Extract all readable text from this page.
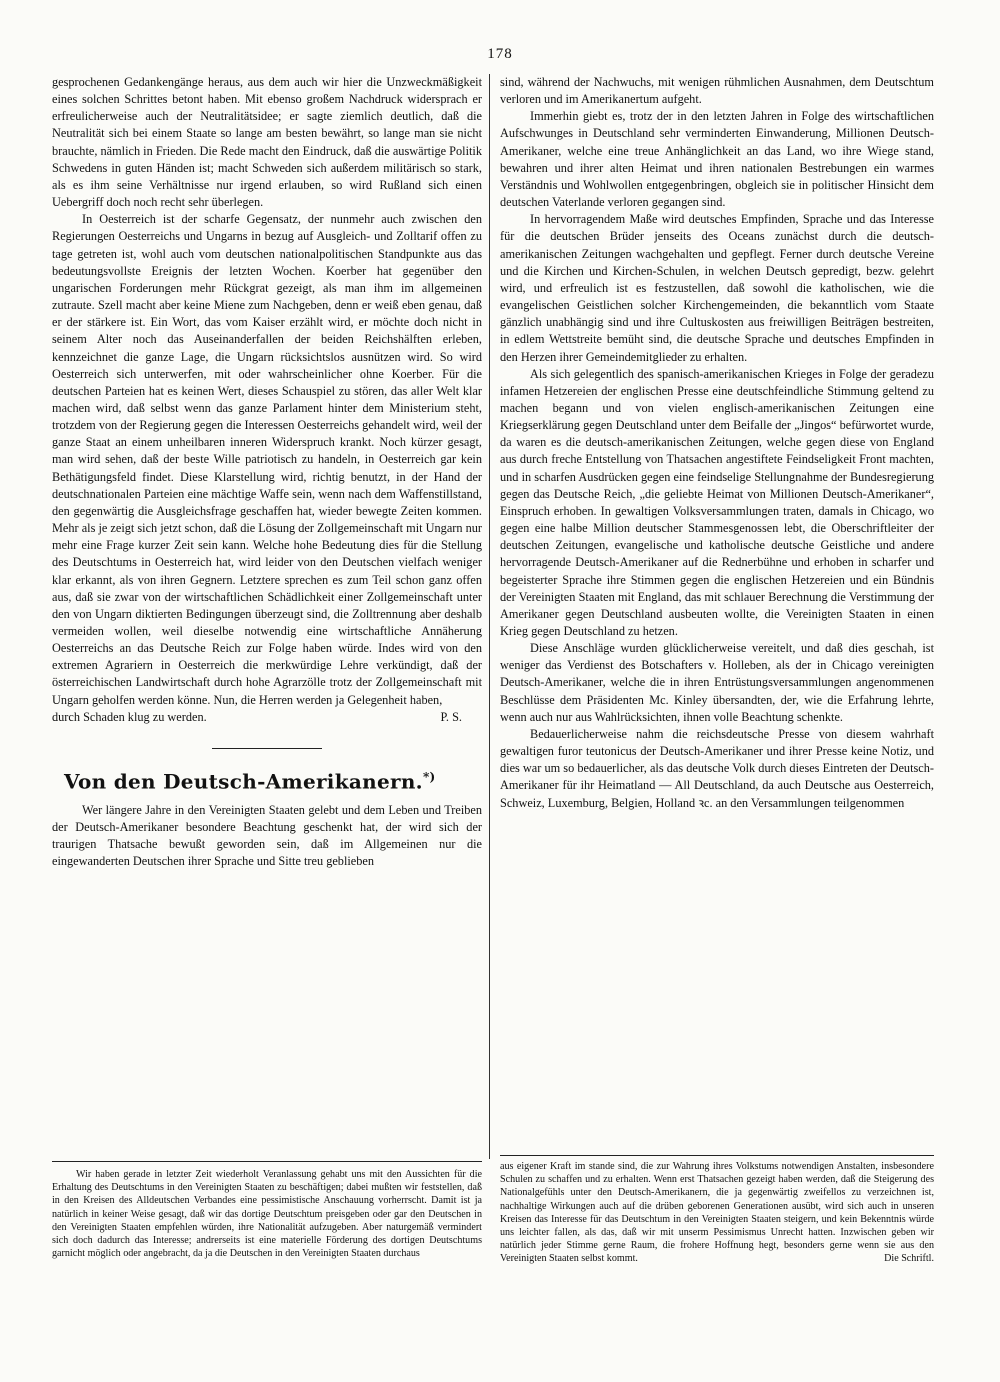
178

gesprochenen Gedankengänge heraus, aus dem auch wir hier die Unzweckmäßigkeit eines solchen Schrittes betont haben. Mit ebenso großem Nachdruck widersprach er erfreulicherweise auch der Neutralitätsidee; er sagte ziemlich deutlich, daß die Neutralität sich bei einem Staate so lange am besten bewährt, so lange man sie nicht brauchte, nämlich in Frieden. Die Rede macht den Eindruck, daß die auswärtige Politik Schwedens in guten Händen ist; macht Schweden sich außerdem militärisch so stark, als es ihm seine Verhältnisse nur irgend erlauben, so wird Rußland sich einen Uebergriff doch noch recht sehr überlegen.

In Oesterreich ist der scharfe Gegensatz, der nunmehr auch zwischen den Regierungen Oesterreichs und Ungarns in bezug auf Ausgleich- und Zolltarif offen zu tage getreten ist, wohl auch vom deutschen nationalpolitischen Standpunkte aus das bedeutungsvollste Ereignis der letzten Wochen. Koerber hat gegenüber den ungarischen Forderungen mehr Rückgrat gezeigt, als man ihm im allgemeinen zutraute. Szell macht aber keine Miene zum Nachgeben, denn er weiß eben genau, daß er der stärkere ist. Ein Wort, das vom Kaiser erzählt wird, er möchte doch nicht in seinem Alter noch das Auseinanderfallen der beiden Reichshälften erleben, kennzeichnet die ganze Lage, die Ungarn rücksichtslos ausnützen wird. So wird Oesterreich sich unterwerfen, mit oder wahrscheinlicher ohne Koerber. Für die deutschen Parteien hat es keinen Wert, dieses Schauspiel zu stören, das aller Welt klar machen wird, daß selbst wenn das ganze Parlament hinter dem Ministerium steht, trotzdem von der Regierung gegen die Interessen Oesterreichs gehandelt wird, weil der ganze Staat an einem unheilbaren inneren Widerspruch krankt. Noch kürzer gesagt, man wird sehen, daß der beste Wille patriotisch zu handeln, in Oesterreich gar kein Bethätigungsfeld findet. Diese Klarstellung wird, richtig benutzt, in der Hand der deutschnationalen Parteien eine mächtige Waffe sein, wenn nach dem Waffenstillstand, den gegenwärtig die Ausgleichsfrage geschaffen hat, wieder bewegte Zeiten kommen. Mehr als je zeigt sich jetzt schon, daß die Lösung der Zollgemeinschaft mit Ungarn nur mehr eine Frage kurzer Zeit sein kann. Welche hohe Bedeutung dies für die Stellung des Deutschtums in Oesterreich hat, wird leider von den Deutschen vielfach weniger klar erkannt, als von ihren Gegnern. Letztere sprechen es zum Teil schon ganz offen aus, daß sie zwar von der wirtschaftlichen Schädlichkeit einer Zollgemeinschaft unter den von Ungarn diktierten Bedingungen überzeugt sind, die Zolltrennung aber deshalb vermeiden wollen, weil dieselbe notwendig eine wirtschaftliche Annäherung Oesterreichs an das Deutsche Reich zur Folge haben würde. Indes wird von den extremen Agrariern in Oesterreich die merkwürdige Lehre verkündigt, daß der österreichischen Landwirtschaft durch hohe Agrarzölle trotz der Zollgemeinschaft mit Ungarn geholfen werden könne. Nun, die Herren werden ja Gelegenheit haben,

durch Schaden klug zu werden.	P. S.
Von den Deutsch-Amerikanern.*)

Wer längere Jahre in den Vereinigten Staaten gelebt und dem Leben und Treiben der Deutsch-Amerikaner besondere Beachtung geschenkt hat, der wird sich der traurigen Thatsache bewußt geworden sein, daß im Allgemeinen nur die eingewanderten Deutschen ihrer Sprache und Sitte treu geblieben

sind, während der Nachwuchs, mit wenigen rühmlichen Ausnahmen, dem Deutschtum verloren und im Amerikanertum aufgeht.

Immerhin giebt es, trotz der in den letzten Jahren in Folge des wirtschaftlichen Aufschwunges in Deutschland sehr verminderten Einwanderung, Millionen Deutsch-Amerikaner, welche eine treue Anhänglichkeit an das Land, wo ihre Wiege stand, bewahren und ihrer alten Heimat und ihren nationalen Bestrebungen ein warmes Verständnis und Wohlwollen entgegenbringen, obgleich sie in politischer Hinsicht dem deutschen Vaterlande verloren gegangen sind.

In hervorragendem Maße wird deutsches Empfinden, Sprache und das Interesse für die deutschen Brüder jenseits des Oceans zunächst durch die deutsch-amerikanischen Zeitungen wachgehalten und gepflegt. Ferner durch deutsche Vereine und die Kirchen und Kirchen-Schulen, in welchen Deutsch gepredigt, bezw. gelehrt wird, und erfreulich ist es festzustellen, daß sowohl die katholischen, wie die evangelischen Geistlichen solcher Kirchengemeinden, die bekanntlich vom Staate gänzlich unabhängig sind und ihre Cultuskosten aus freiwilligen Beiträgen bestreiten, in edlem Wettstreite bemüht sind, die deutsche Sprache und deutsches Empfinden in den Herzen ihrer Gemeindemitglieder zu erhalten.

Als sich gelegentlich des spanisch-amerikanischen Krieges in Folge der geradezu infamen Hetzereien der englischen Presse eine deutschfeindliche Stimmung geltend zu machen begann und von vielen englisch-amerikanischen Zeitungen eine Kriegserklärung gegen Deutschland unter dem Beifalle der „Jingos“ befürwortet wurde, da waren es die deutsch-amerikanischen Zeitungen, welche gegen diese von England aus durch freche Entstellung von Thatsachen angestiftete Feindseligkeit Front machten, und in scharfen Ausdrücken gegen eine feindselige Stellungnahme der Bundesregierung gegen das Deutsche Reich, „die geliebte Heimat von Millionen Deutsch-Amerikaner“, Einspruch erhoben. In gewaltigen Volksversammlungen traten, damals in Chicago, wo gegen eine halbe Million deutscher Stammesgenossen lebt, die Oberschriftleiter der deutschen Zeitungen, evangelische und katholische deutsche Geistliche und andere hervorragende Deutsch-Amerikaner auf die Rednerbühne und erhoben in scharfer und begeisterter Sprache ihre Stimmen gegen die englischen Hetzereien und ein Bündnis der Vereinigten Staaten mit England, das mit schlauer Berechnung die Verstimmung der Amerikaner gegen Deutschland ausbeuten wollte, die Vereinigten Staaten in einen Krieg gegen Deutschland zu hetzen.

Diese Anschläge wurden glücklicherweise vereitelt, und daß dies geschah, ist weniger das Verdienst des Botschafters v. Holleben, als der in Chicago vereinigten Deutsch-Amerikaner, welche die in ihren Entrüstungsversammlungen angenommenen Beschlüsse dem Präsidenten Mc. Kinley übersandten, der, wie die Erfahrung lehrte, wenn auch nur aus Wahlrücksichten, ihnen volle Beachtung schenkte.

Bedauerlicherweise nahm die reichsdeutsche Presse von diesem wahrhaft gewaltigen furor teutonicus der Deutsch-Amerikaner und ihrer Presse keine Notiz, und dies war um so bedauerlicher, als das deutsche Volk durch dieses Eintreten der Deutsch-Amerikaner für ihr Heimatland — All Deutschland, da auch Deutsche aus Oesterreich, Schweiz, Luxemburg, Belgien, Holland ꝛc. an den Versammlungen teilgenommen

Wir haben gerade in letzter Zeit wiederholt Veranlassung gehabt uns mit den Aussichten für die Erhaltung des Deutschtums in den Vereinigten Staaten zu beschäftigen; dabei mußten wir feststellen, daß in den Kreisen des Alldeutschen Verbandes eine pessimistische Anschauung vorherrscht. Damit ist ja natürlich in keiner Weise gesagt, daß wir das dortige Deutschtum preisgeben oder gar den Deutschen in den Vereinigten Staaten empfehlen würden, ihre Nationalität aufzugeben. Aber naturgemäß vermindert sich doch dadurch das Interesse; andrerseits ist eine materielle Förderung des dortigen Deutschtums garnicht möglich oder angebracht, da ja die Deutschen in den Vereinigten Staaten durchaus

aus eigener Kraft im stande sind, die zur Wahrung ihres Volkstums notwendigen Anstalten, insbesondere Schulen zu schaffen und zu erhalten. Wenn erst Thatsachen gezeigt haben werden, daß die Steigerung des Nationalgefühls unter den Deutsch-Amerikanern, die ja gegenwärtig zweifellos zu verzeichnen ist, nachhaltige Wirkungen auch auf die drüben geborenen Generationen ausübt, wird sich auch in unseren Kreisen das Interesse für das Deutschtum in den Vereinigten Staaten steigern, und kein Bekenntnis würde uns leichter fallen, als das, daß wir mit unserm Pessimismus Unrecht hatten. Inzwischen geben wir natürlich jeder Stimme gerne Raum, die frohere Hoffnung hegt, besonders gerne wenn sie aus den Vereinigten Staaten selbst kommt.	Die Schriftl.
